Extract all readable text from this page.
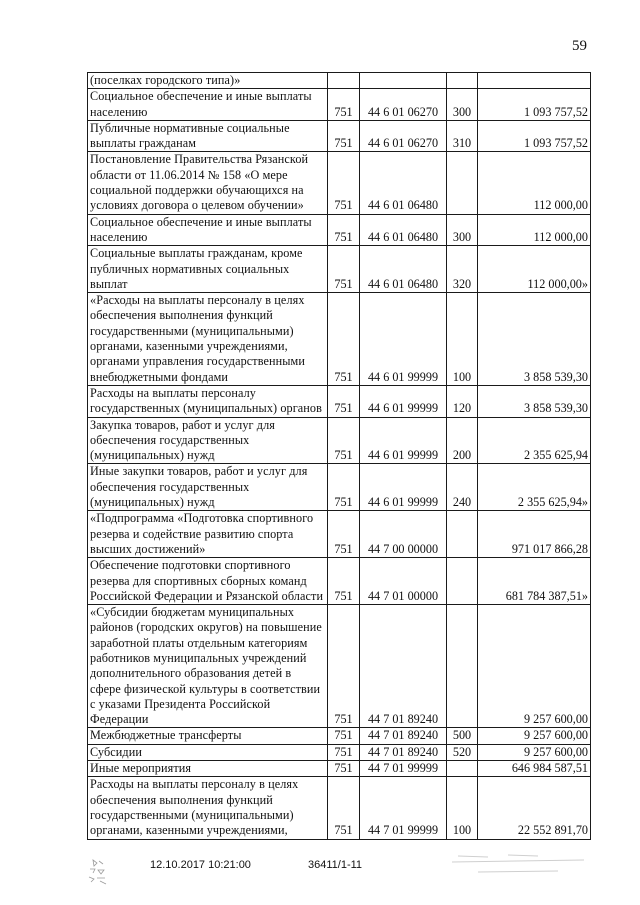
59
(поселках городского типа)»				
Социальное обеспечение и иные выплаты населению	751	44 6 01 06270	300	1 093 757,52
Публичные нормативные социальные выплаты гражданам	751	44 6 01 06270	310	1 093 757,52
Постановление Правительства Рязанской области от 11.06.2014 № 158 «О мере социальной поддержки обучающихся на условиях договора о целевом обучении»	751	44 6 01 06480		112 000,00
Социальное обеспечение и иные выплаты населению	751	44 6 01 06480	300	112 000,00
Социальные выплаты гражданам, кроме публичных нормативных социальных выплат	751	44 6 01 06480	320	112 000,00»
«Расходы на выплаты персоналу в целях обеспечения выполнения функций государственными (муниципальными) органами, казенными учреждениями, органами управления государственными внебюджетными фондами	751	44 6 01 99999	100	3 858 539,30
Расходы на выплаты персоналу государственных (муниципальных) органов	751	44 6 01 99999	120	3 858 539,30
Закупка товаров, работ и услуг для обеспечения государственных (муниципальных) нужд	751	44 6 01 99999	200	2 355 625,94
Иные закупки товаров, работ и услуг для обеспечения государственных (муниципальных) нужд	751	44 6 01 99999	240	2 355 625,94»
«Подпрограмма «Подготовка спортивного резерва и содействие развитию спорта высших достижений»	751	44 7 00 00000		971 017 866,28
Обеспечение подготовки спортивного резерва для спортивных сборных команд Российской Федерации и Рязанской области	751	44 7 01 00000		681 784 387,51»
«Субсидии бюджетам муниципальных районов (городских округов) на повышение заработной платы отдельным категориям работников муниципальных учреждений дополнительного образования детей в сфере физической культуры в соответствии с указами Президента Российской Федерации	751	44 7 01 89240		9 257 600,00
Межбюджетные трансферты	751	44 7 01 89240	500	9 257 600,00
Субсидии	751	44 7 01 89240	520	9 257 600,00
Иные мероприятия	751	44 7 01 99999		646 984 587,51
Расходы на выплаты персоналу в целях обеспечения выполнения функций государственными (муниципальными) органами, казенными учреждениями,	751	44 7 01 99999	100	22 552 891,70
12.10.2017 10:21:00	36411/1-11
